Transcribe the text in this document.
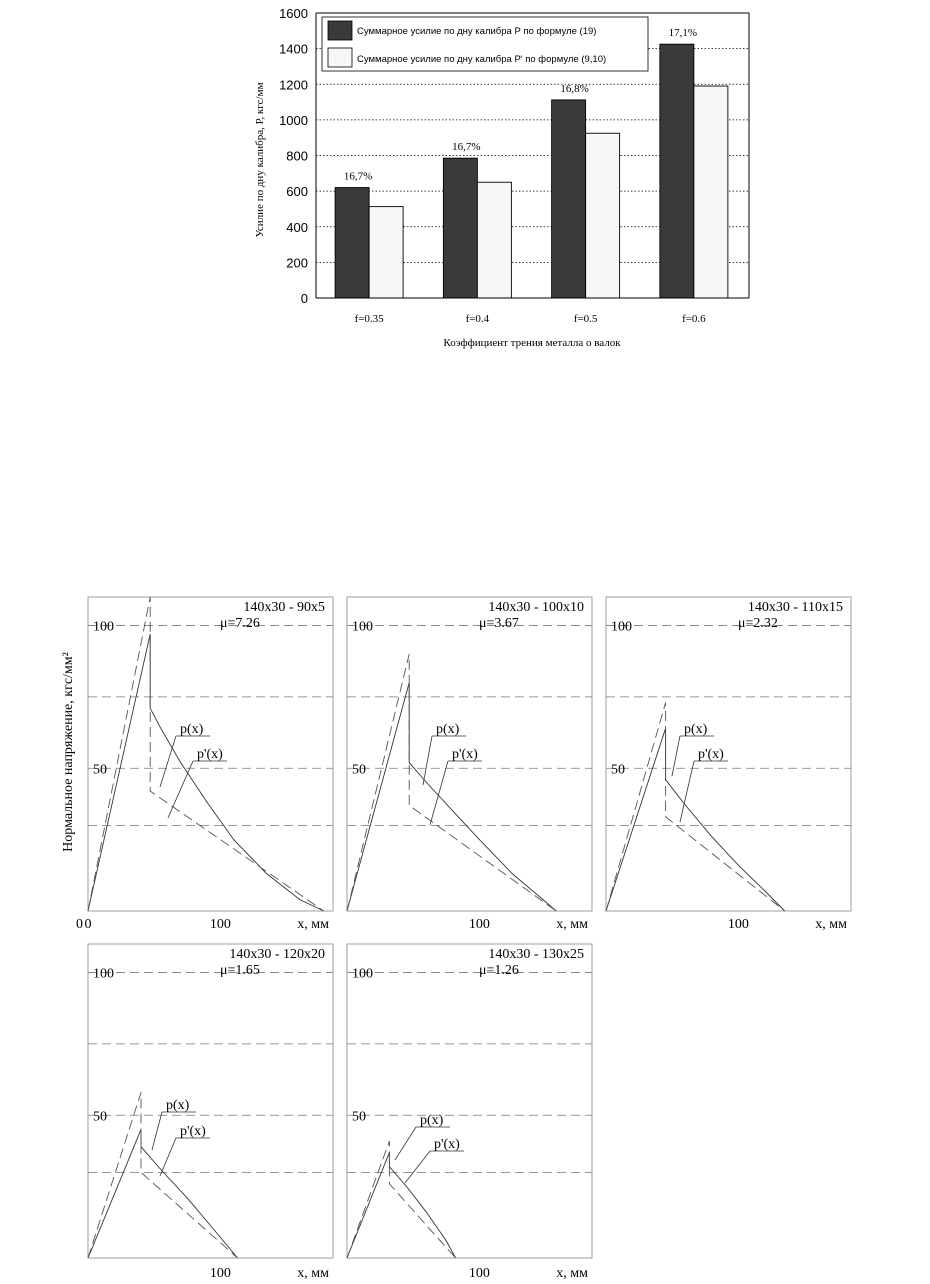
0
200
400
600
800
1000
1200
1400
1600
f=0.35	f=0.4	f=0.5	f=0.6
16,7%
16,7%
16,8%
17,1%
Суммарное усилие по дну калибра Р по формуле (19)
Суммарное усилие по дну калибра Р' по формуле (9,10)
Усилие по дну калибра, Р, кгс/мм
Коэффициент трения металла о валок
50
100
0	100
0	x, мм
140x30 - 90x5
μ=7.26
p(x)
p'(x)
50
100
100	x, мм
140x30 - 100x10
μ=3.67
p(x)
p'(x)
50
100
100	x, мм
140x30 - 110x15
μ=2.32
p(x)
p'(x)
50
100
100	x, мм
140x30 - 120x20
μ=1.65
p(x)
p'(x)
50
100
100	x, мм
140x30 - 130x25
μ=1.26
p(x)
p'(x)
Нормальное напряжение, кгс/мм²
